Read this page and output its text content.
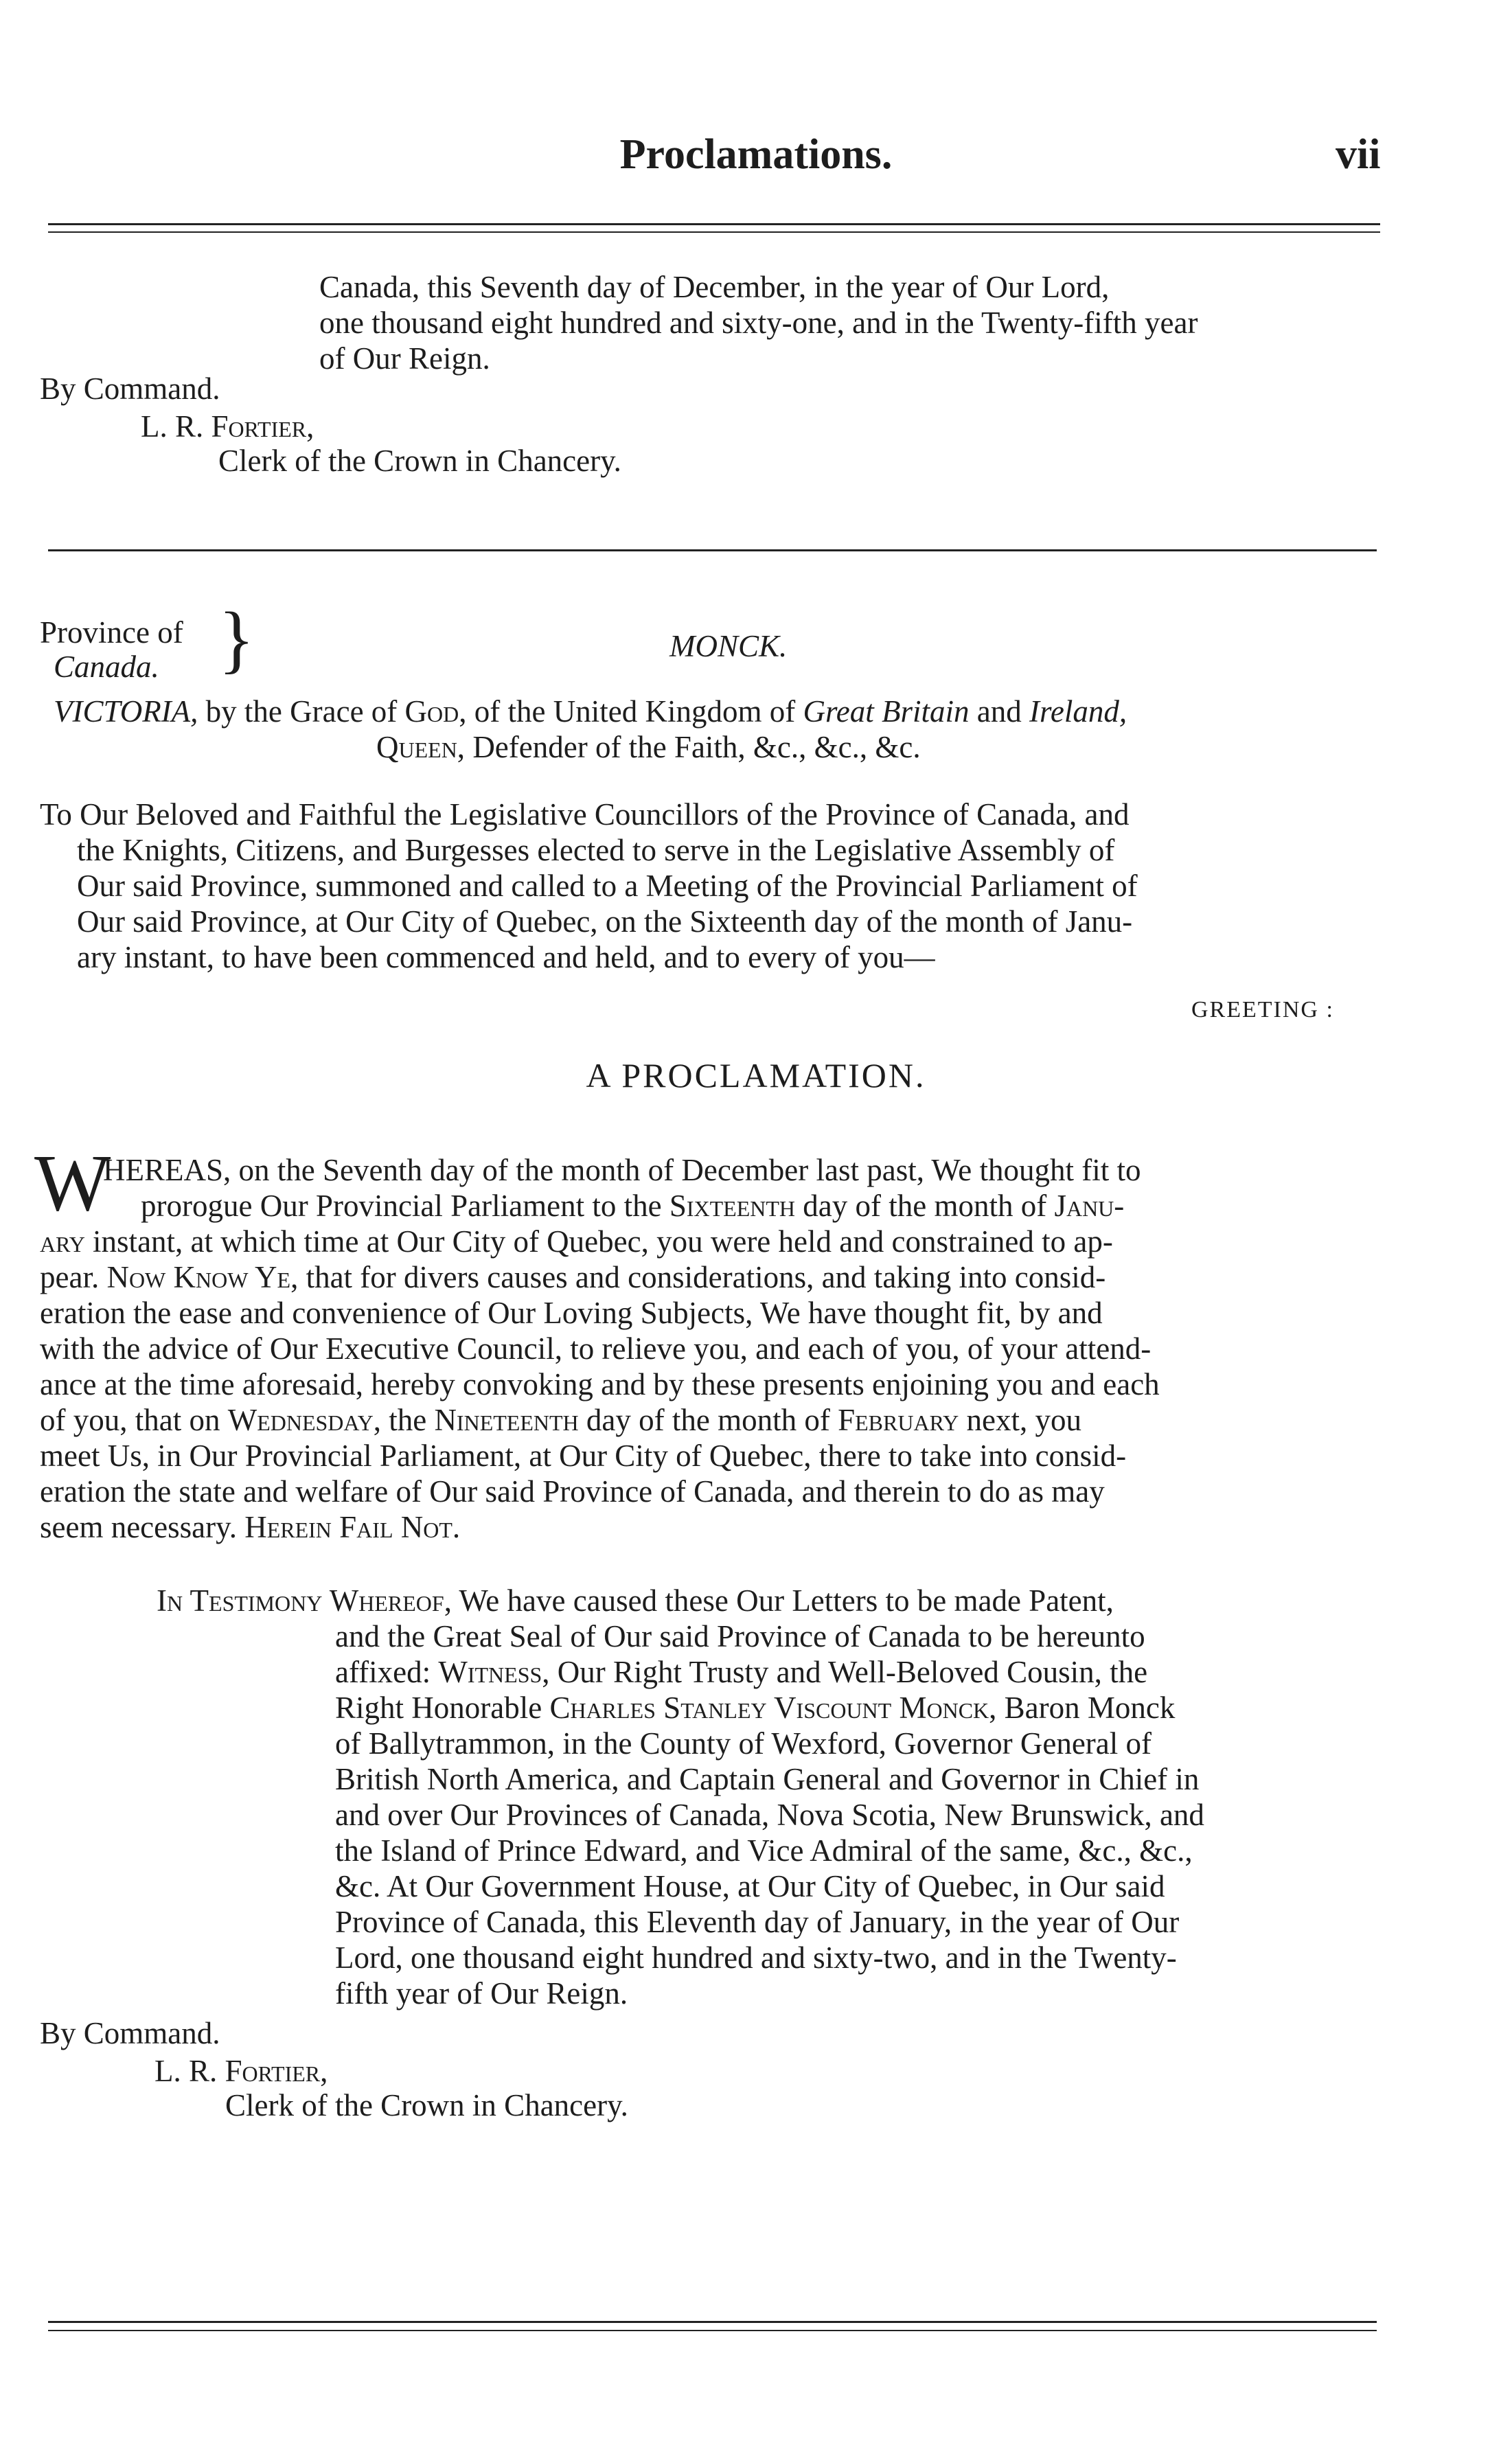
Proclamations.	vii
Canada, this Seventh day of December, in the year of Our Lord,
one thousand eight hundred and sixty-one, and in the Twenty-fifth year
of Our Reign.
By Command.
L. R. Fortier,
Clerk of the Crown in Chancery.
Province of
Canada. }	MONCK.
VICTORIA, by the Grace of God, of the United Kingdom of Great Britain and Ireland,
Queen, Defender of the Faith, &c., &c., &c.
To Our Beloved and Faithful the Legislative Councillors of the Province of Canada, and
the Knights, Citizens, and Burgesses elected to serve in the Legislative Assembly of
Our said Province, summoned and called to a Meeting of the Provincial Parliament of
Our said Province, at Our City of Quebec, on the Sixteenth day of the month of Janu-
ary instant, to have been commenced and held, and to every of you—
GREETING :
A PROCLAMATION.
W
HEREAS, on the Seventh day of the month of December last past, We thought fit to
prorogue Our Provincial Parliament to the Sixteenth day of the month of Janu-
ary instant, at which time at Our City of Quebec, you were held and constrained to ap-
pear. Now Know Ye, that for divers causes and considerations, and taking into consid-
eration the ease and convenience of Our Loving Subjects, We have thought fit, by and
with the advice of Our Executive Council, to relieve you, and each of you, of your attend-
ance at the time aforesaid, hereby convoking and by these presents enjoining you and each
of you, that on Wednesday, the Nineteenth day of the month of February next, you
meet Us, in Our Provincial Parliament, at Our City of Quebec, there to take into consid-
eration the state and welfare of Our said Province of Canada, and therein to do as may
seem necessary. Herein Fail Not.
In Testimony Whereof, We have caused these Our Letters to be made Patent,
and the Great Seal of Our said Province of Canada to be hereunto
affixed: Witness, Our Right Trusty and Well-Beloved Cousin, the
Right Honorable Charles Stanley Viscount Monck, Baron Monck
of Ballytrammon, in the County of Wexford, Governor General of
British North America, and Captain General and Governor in Chief in
and over Our Provinces of Canada, Nova Scotia, New Brunswick, and
the Island of Prince Edward, and Vice Admiral of the same, &c., &c.,
&c. At Our Government House, at Our City of Quebec, in Our said
Province of Canada, this Eleventh day of January, in the year of Our
Lord, one thousand eight hundred and sixty-two, and in the Twenty-
fifth year of Our Reign.
By Command.
L. R. Fortier,
Clerk of the Crown in Chancery.
